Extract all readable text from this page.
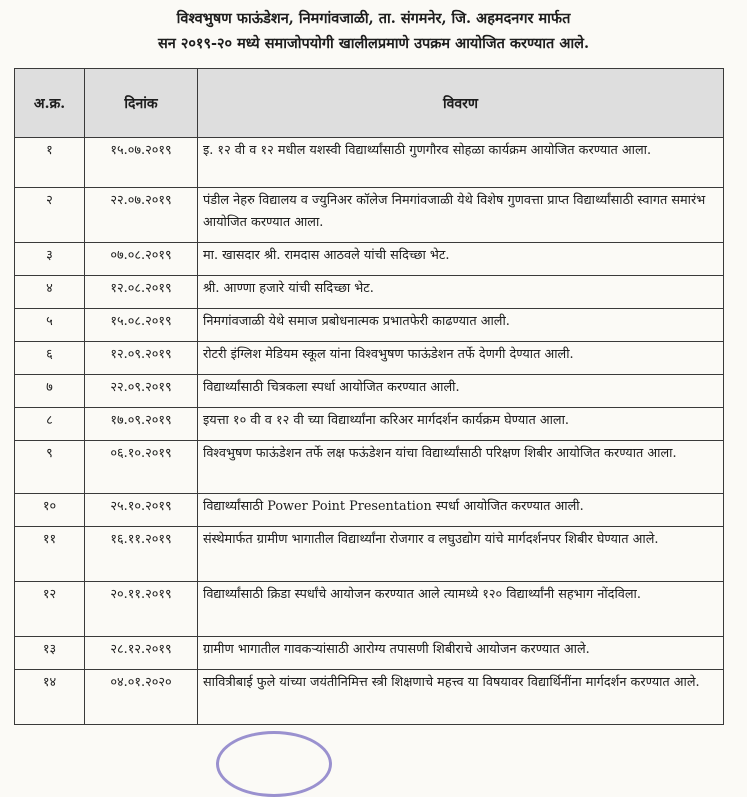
विश्वभुषण फाऊंडेशन, निमगांवजाळी, ता. संगमनेर, जि. अहमदनगर मार्फत
सन २०१९-२० मध्ये समाजोपयोगी खालीलप्रमाणे उपक्रम आयोजित करण्यात आले.
अ.क्र.	दिनांक	विवरण
१	१५.०७.२०१९	इ. १२ वी व १२ मधील यशस्वी विद्यार्थ्यांसाठी गुणगौरव सोहळा कार्यक्रम आयोजित करण्यात आला.
२	२२.०७.२०१९	पंडील नेहरु विद्यालय व ज्युनिअर कॉलेज निमगांवजाळी येथे विशेष गुणवत्ता प्राप्त विद्यार्थ्यांसाठी स्वागत समारंभ आयोजित करण्यात आला.
३	०७.०८.२०१९	मा. खासदार श्री. रामदास आठवले यांची सदिच्छा भेट.
४	१२.०८.२०१९	श्री. आण्णा हजारे यांची सदिच्छा भेट.
५	१५.०८.२०१९	निमगांवजाळी येथे समाज प्रबोधनात्मक प्रभातफेरी काढण्यात आली.
६	१२.०९.२०१९	रोटरी इंग्लिश मेडियम स्कूल यांना विश्वभुषण फाऊंडेशन तर्फे देणगी देण्यात आली.
७	२२.०९.२०१९	विद्यार्थ्यांसाठी चित्रकला स्पर्धा आयोजित करण्यात आली.
८	१७.०९.२०१९	इयत्ता १० वी व १२ वी च्या विद्यार्थ्यांना करिअर मार्गदर्शन कार्यक्रम घेण्यात आला.
९	०६.१०.२०१९	विश्वभुषण फाऊंडेशन तर्फे लक्ष फऊंडेशन यांचा विद्यार्थ्यांसाठी परिक्षण शिबीर आयोजित करण्यात आला.
१०	२५.१०.२०१९	विद्यार्थ्यांसाठी Power Point Presentation स्पर्धा आयोजित करण्यात आली.
११	१६.११.२०१९	संस्थेमार्फत ग्रामीण भागातील विद्यार्थ्यांना रोजगार व लघुउद्योग यांचे मार्गदर्शनपर शिबीर घेण्यात आले.
१२	२०.११.२०१९	विद्यार्थ्यांसाठी क्रिडा स्पर्धांचे आयोजन करण्यात आले त्यामध्ये १२० विद्यार्थ्यांनी सहभाग नोंदविला.
१३	२८.१२.२०१९	ग्रामीण भागातील गावकऱ्यांसाठी आरोग्य तपासणी शिबीराचे आयोजन करण्यात आले.
१४	०४.०१.२०२०	सावित्रीबाई फुले यांच्या जयंतीनिमित्त स्त्री शिक्षणाचे महत्त्व या विषयावर विद्यार्थिनींना मार्गदर्शन करण्यात आले.
